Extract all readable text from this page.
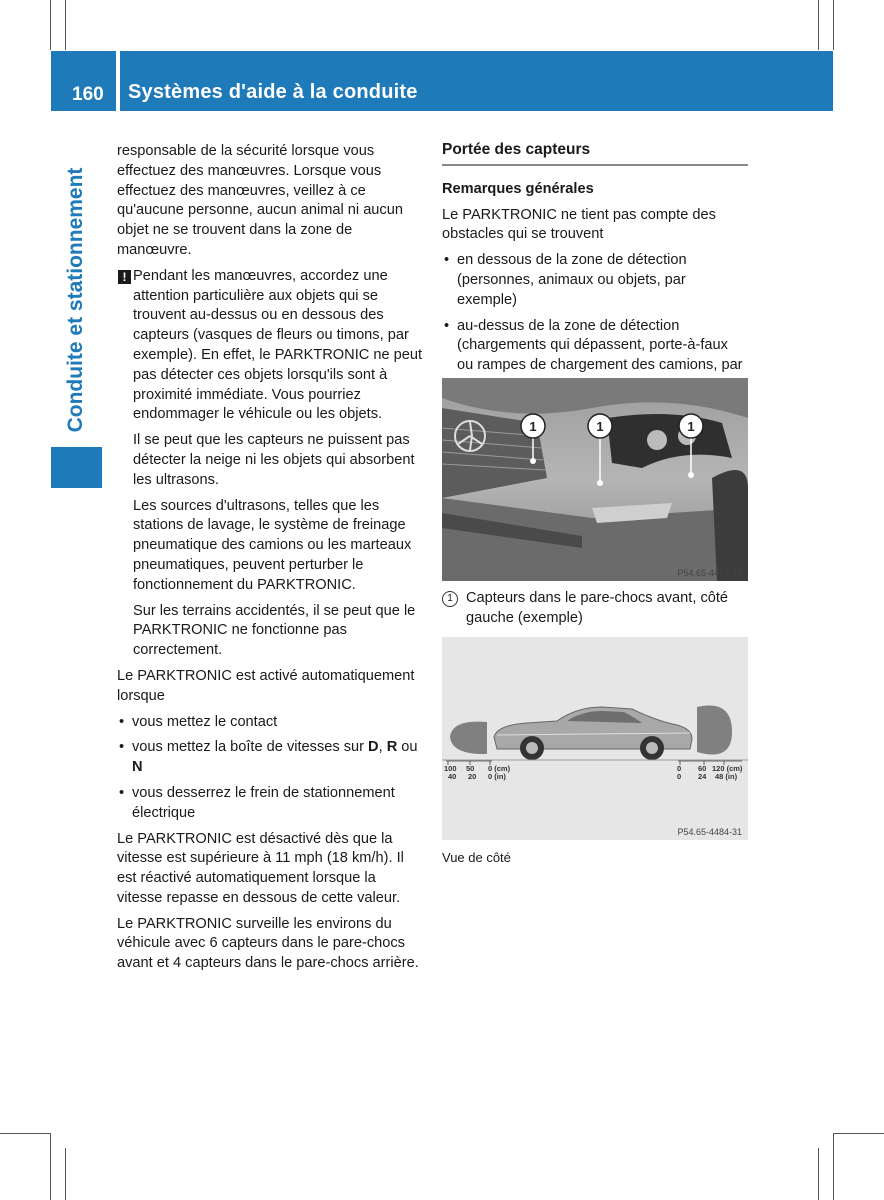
160 Systèmes d'aide à la conduite
Conduite et stationnement

responsable de la sécurité lorsque vous effectuez des manœuvres. Lorsque vous effectuez des manœuvres, veillez à ce qu'aucune personne, aucun animal ni aucun objet ne se trouvent dans la zone de manœuvre.

! Pendant les manœuvres, accordez une attention particulière aux objets qui se trouvent au-dessus ou en dessous des capteurs (vasques de fleurs ou timons, par exemple). En effet, le PARKTRONIC ne peut pas détecter ces objets lorsqu'ils sont à proximité immédiate. Vous pourriez endommager le véhicule ou les objets.

Il se peut que les capteurs ne puissent pas détecter la neige ni les objets qui absorbent les ultrasons.

Les sources d'ultrasons, telles que les stations de lavage, le système de freinage pneumatique des camions ou les marteaux pneumatiques, peuvent perturber le fonctionnement du PARKTRONIC.

Sur les terrains accidentés, il se peut que le PARKTRONIC ne fonctionne pas correctement.

Le PARKTRONIC est activé automatiquement lorsque

• vous mettez le contact

• vous mettez la boîte de vitesses sur D, R ou
N

• vous desserrez le frein de stationnement électrique

Le PARKTRONIC est désactivé dès que la vitesse est supérieure à 11 mph (18 km/h). Il est réactivé automatiquement lorsque la vitesse repasse en dessous de cette valeur.

Le PARKTRONIC surveille les environs du véhicule avec 6 capteurs dans le pare-chocs avant et 4 capteurs dans le pare-chocs arrière.

Portée des capteurs

Remarques générales

Le PARKTRONIC ne tient pas compte des obstacles qui se trouvent

• en dessous de la zone de détection (personnes, animaux ou objets, par exemple)

• au-dessus de la zone de détection (chargements qui dépassent, porte-à-faux ou rampes de chargement des camions, par

1	1	1
P54.65-4472-31
1 Capteurs dans le pare-chocs avant, côté gauche (exemple)
100 50 0 (cm)
40 20 0 (in)
0 60 120 (cm)
0 24 48 (in)
P54.65-4484-31
Vue de côté
